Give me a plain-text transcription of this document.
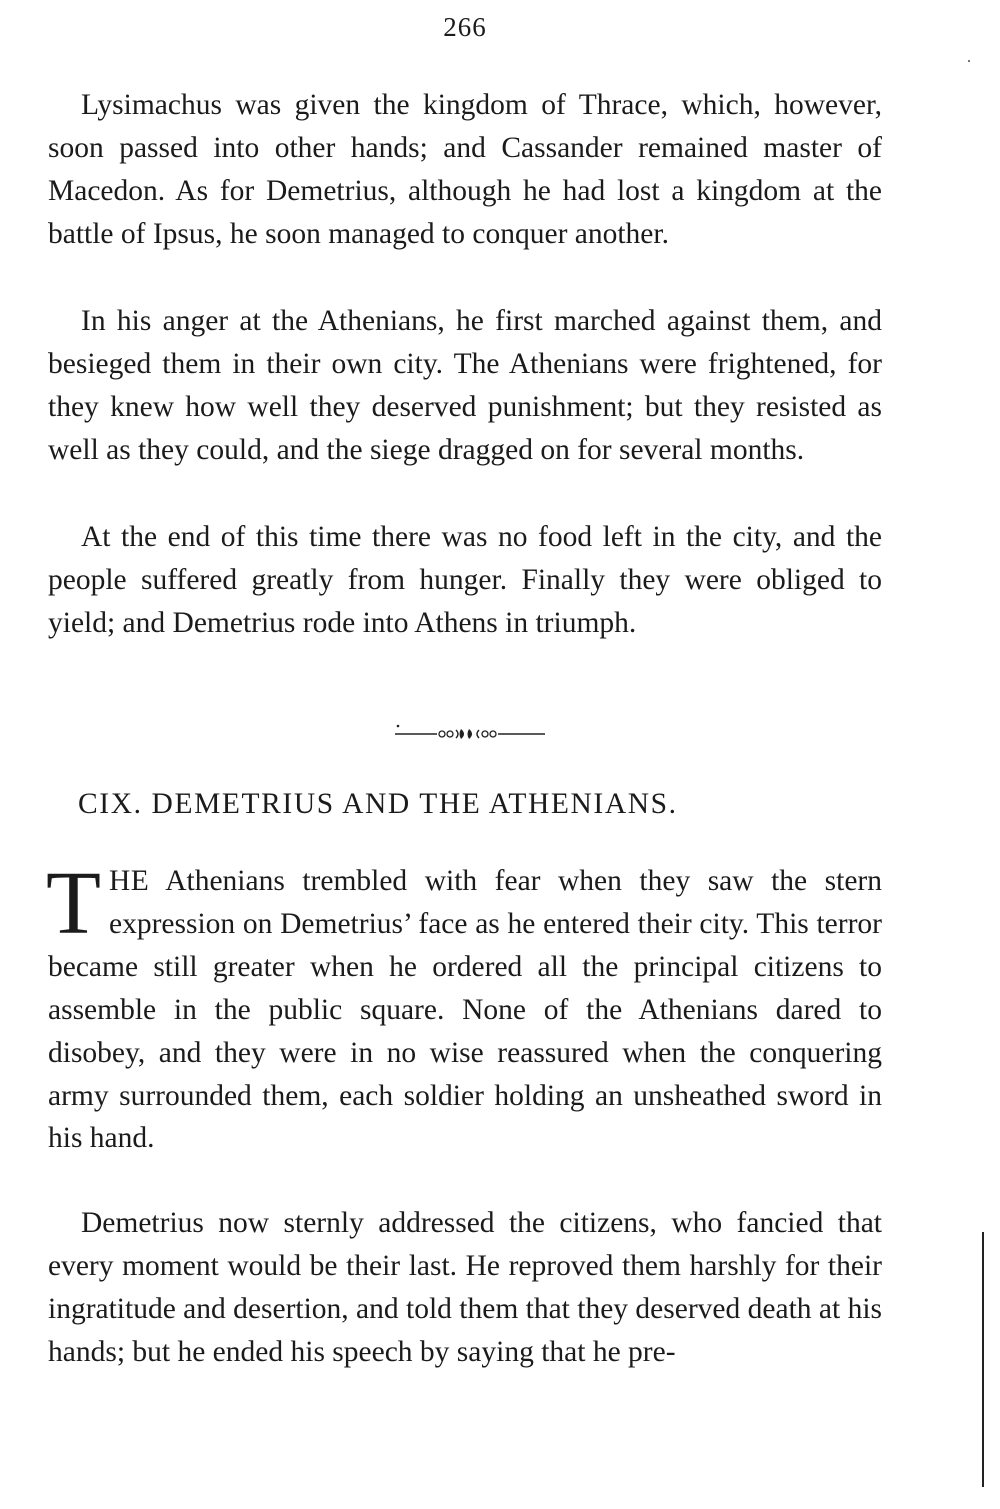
266

Lysimachus was given the kingdom of Thrace, which, however, soon passed into other hands; and Cassander remained master of Macedon. As for Demetrius, although he had lost a kingdom at the battle of Ipsus, he soon managed to conquer another.

In his anger at the Athenians, he first marched against them, and besieged them in their own city. The Athenians were frightened, for they knew how well they deserved punishment; but they resisted as well as they could, and the siege dragged on for several months.

At the end of this time there was no food left in the city, and the people suffered greatly from hunger. Finally they were obliged to yield; and Demetrius rode into Athens in triumph.

CIX. DEMETRIUS AND THE ATHENIANS.

THE Athenians trembled with fear when they saw the stern expression on Demetrius’ face as he entered their city. This terror became still greater when he ordered all the principal citizens to assemble in the public square. None of the Athenians dared to disobey, and they were in no wise reassured when the conquering army surrounded them, each soldier holding an unsheathed sword in his hand.

Demetrius now sternly addressed the citizens, who fancied that every moment would be their last. He reproved them harshly for their ingratitude and desertion, and told them that they deserved death at his hands; but he ended his speech by saying that he pre-
